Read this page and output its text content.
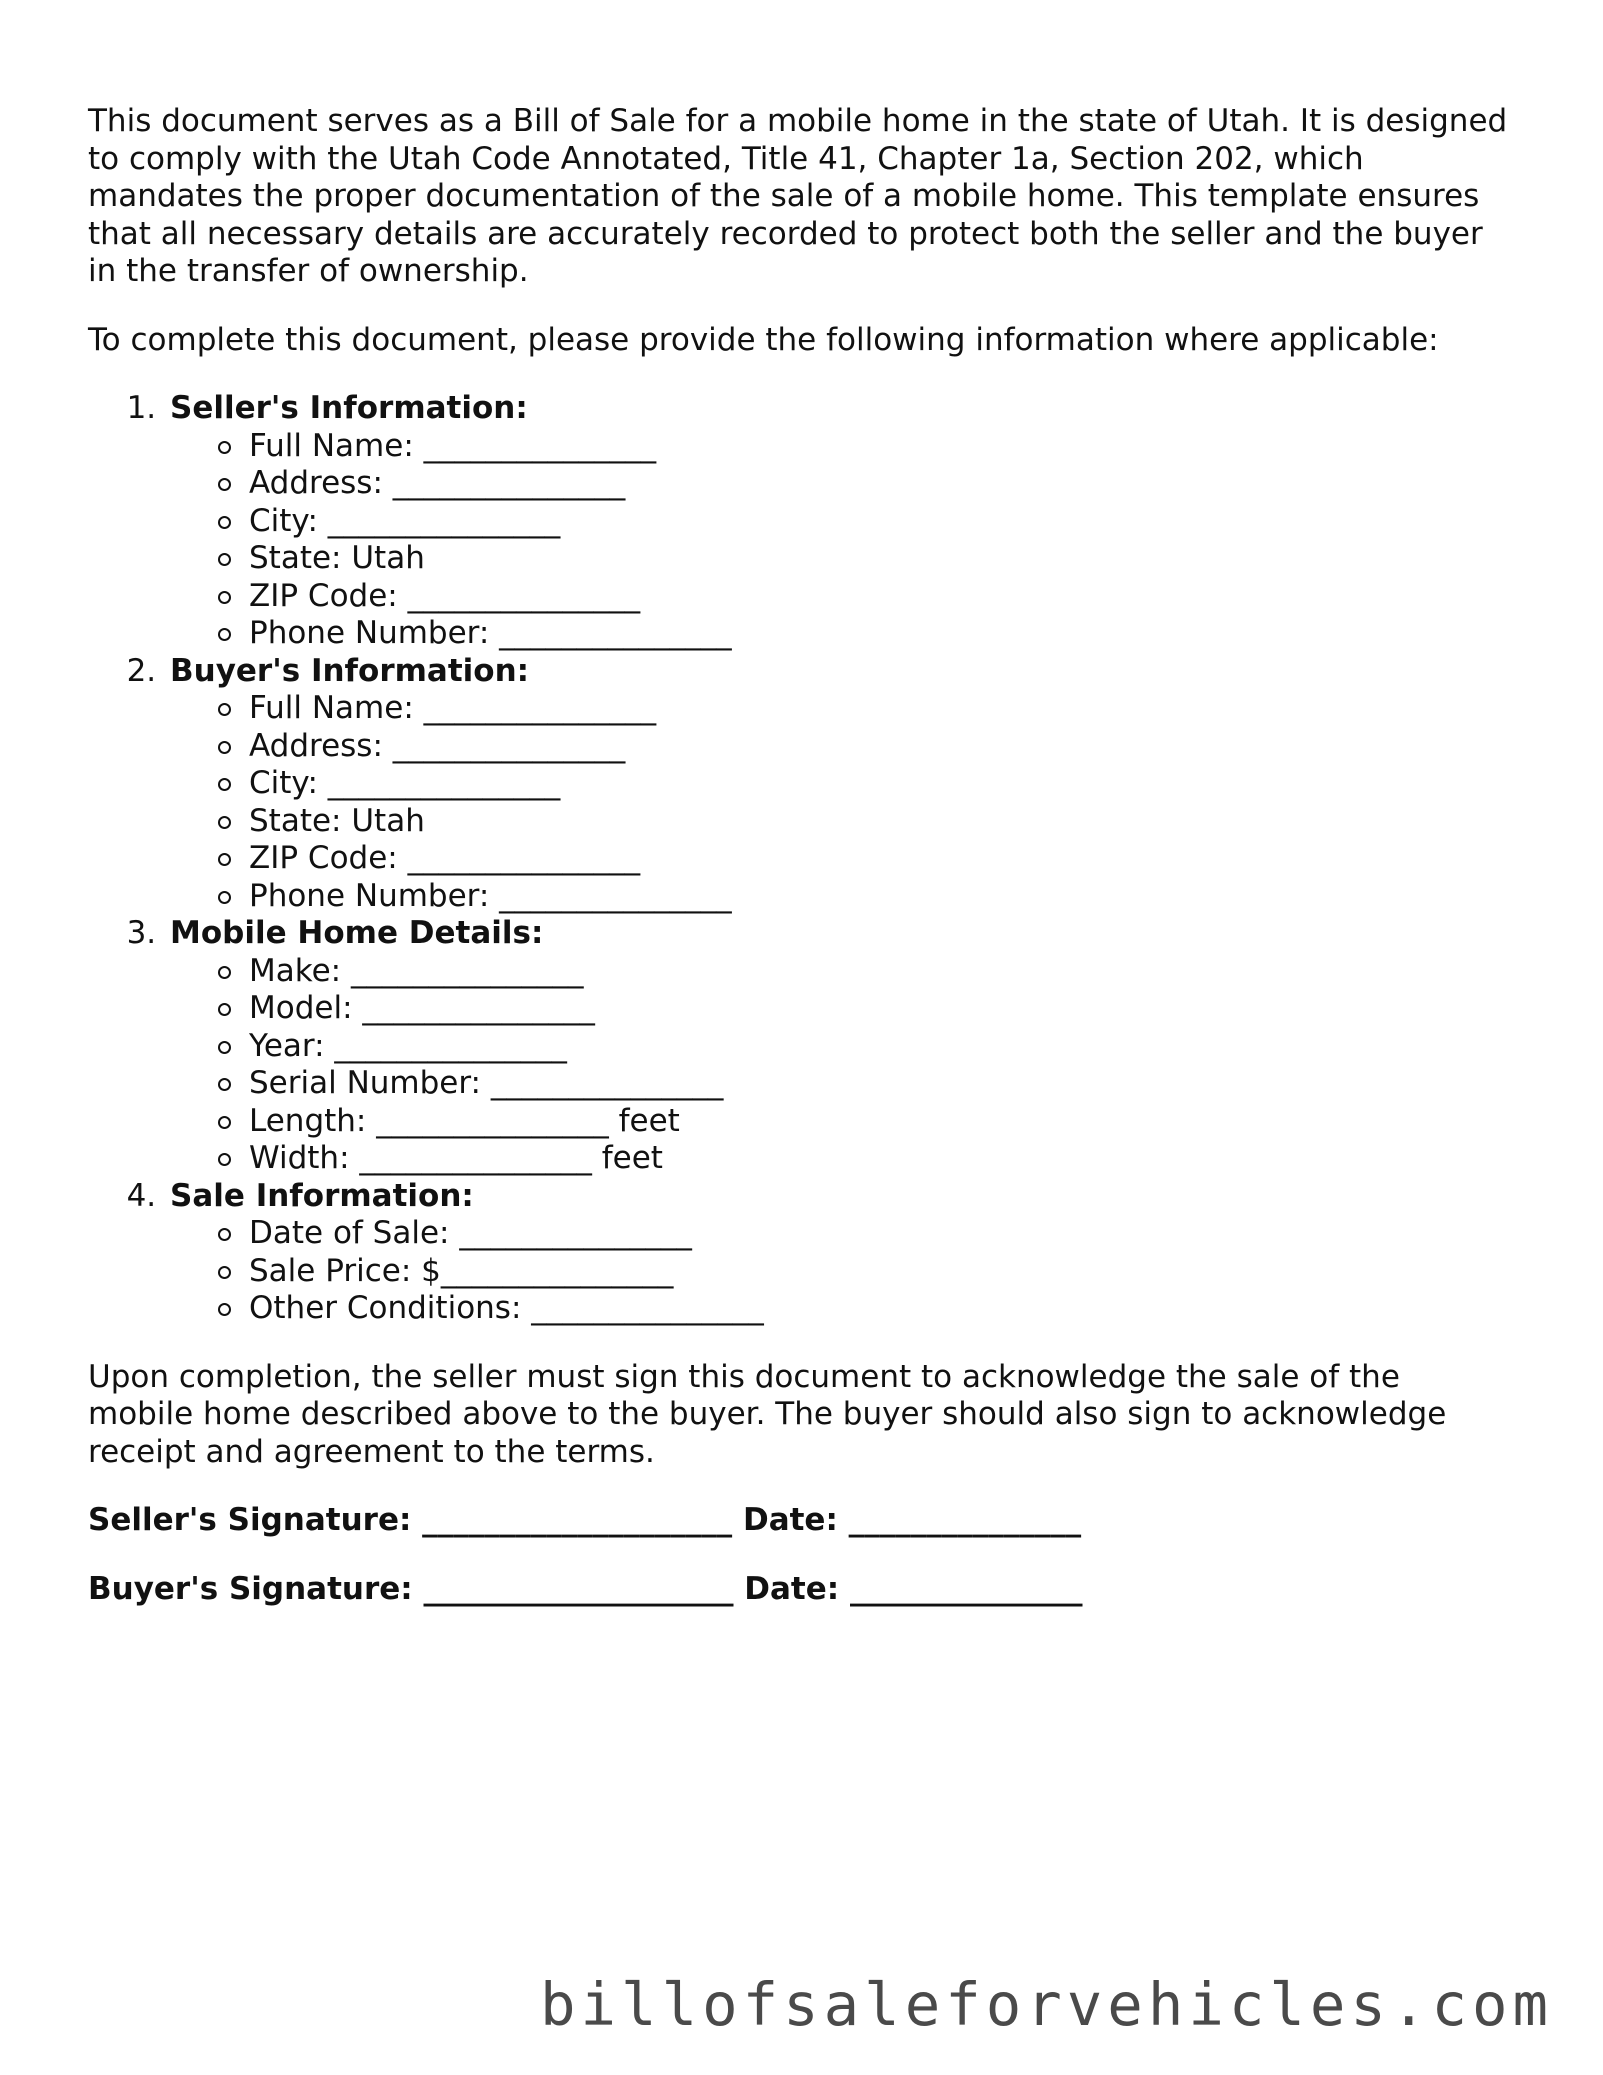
This document serves as a Bill of Sale for a mobile home in the state of Utah. It is designed to comply with the Utah Code Annotated, Title 41, Chapter 1a, Section 202, which mandates the proper documentation of the sale of a mobile home. This template ensures that all necessary details are accurately recorded to protect both the seller and the buyer in the transfer of ownership.

To complete this document, please provide the following information where applicable:

1. Seller's Information:
Full Name: _______________
Address: _______________
City: _______________
State: Utah
ZIP Code: _______________
Phone Number: _______________
2. Buyer's Information:
Full Name: _______________
Address: _______________
City: _______________
State: Utah
ZIP Code: _______________
Phone Number: _______________
3. Mobile Home Details:
Make: _______________
Model: _______________
Year: _______________
Serial Number: _______________
Length: _______________ feet
Width: _______________ feet
4. Sale Information:
Date of Sale: _______________
Sale Price: $_______________
Other Conditions: _______________

Upon completion, the seller must sign this document to acknowledge the sale of the mobile home described above to the buyer. The buyer should also sign to acknowledge receipt and agreement to the terms.

Seller's Signature: ____________________ Date: _______________

Buyer's Signature: ____________________ Date: _______________

billofsaleforvehicles.com
